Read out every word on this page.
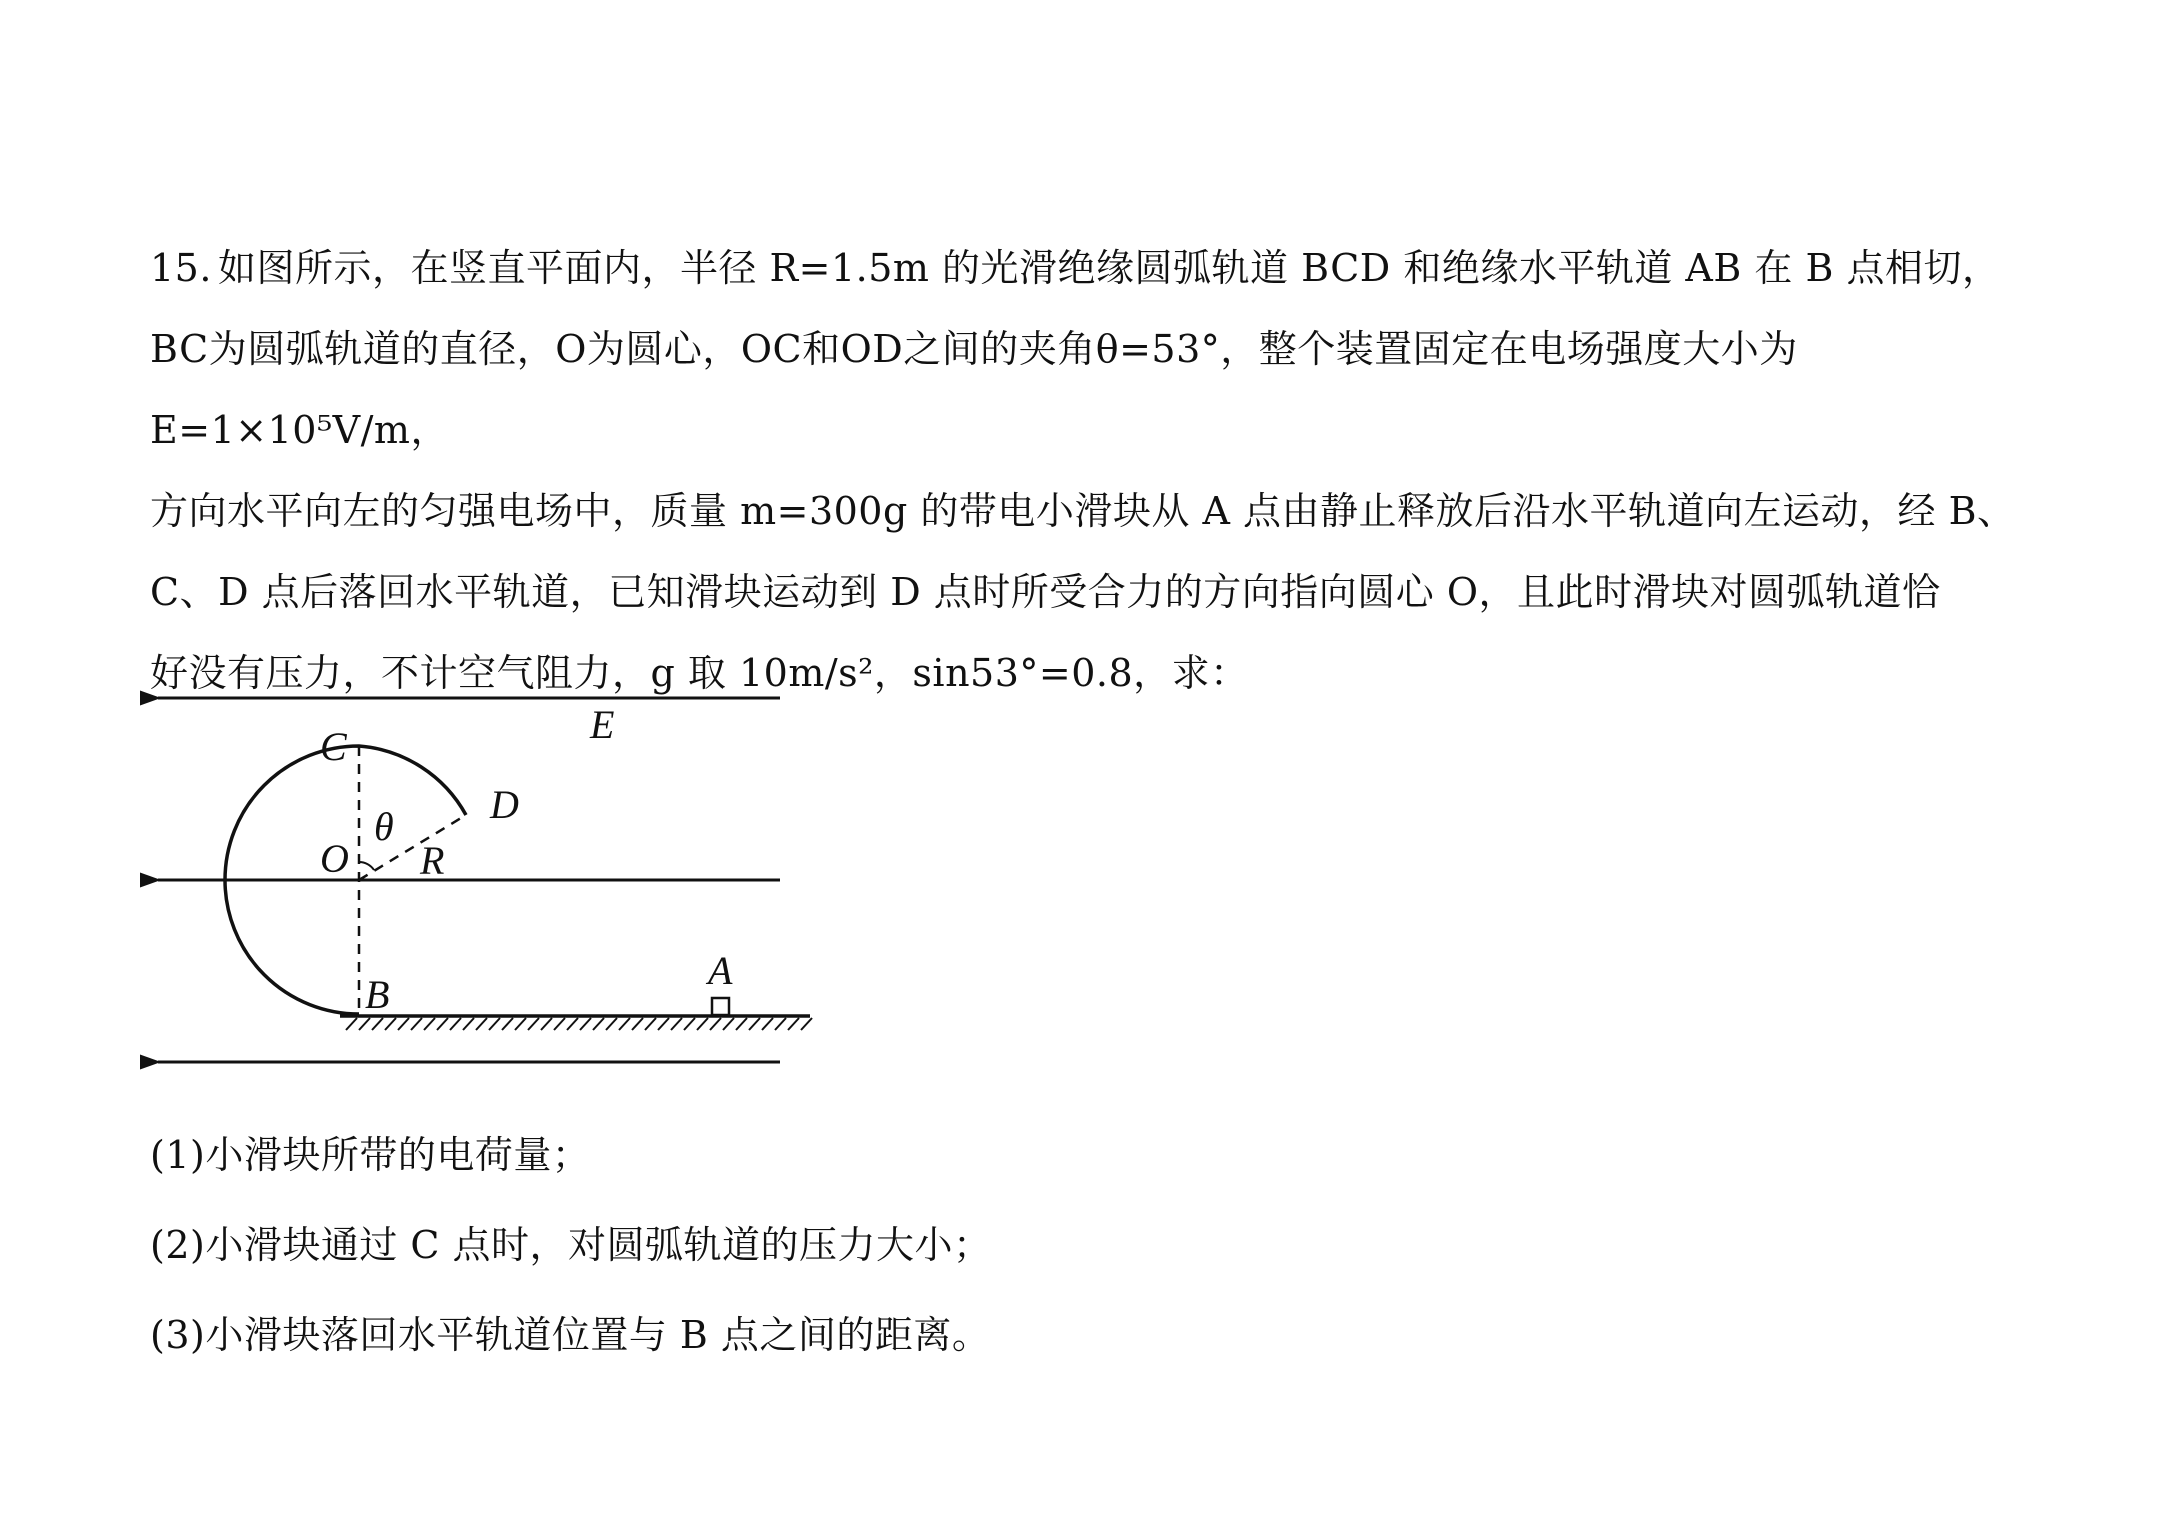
15. 如图所示，在竖直平面内，半径 R=1.5m 的光滑绝缘圆弧轨道 BCD 和绝缘水平轨道 AB 在 B 点相切，

BC为圆弧轨道的直径，O为圆心，OC和OD之间的夹角θ=53°，整个装置固定在电场强度大小为E=1×10⁵V/m，

方向水平向左的匀强电场中，质量 m=300g 的带电小滑块从 A 点由静止释放后沿水平轨道向左运动，经 B、

C、D 点后落回水平轨道，已知滑块运动到 D 点时所受合力的方向指向圆心 O，且此时滑块对圆弧轨道恰

好没有压力，不计空气阻力，g 取 10m/s²，sin53°=0.8，求：

E
C
D
θ
O R
B
A

(1)小滑块所带的电荷量；

(2)小滑块通过 C 点时，对圆弧轨道的压力大小；

(3)小滑块落回水平轨道位置与 B 点之间的距离。
